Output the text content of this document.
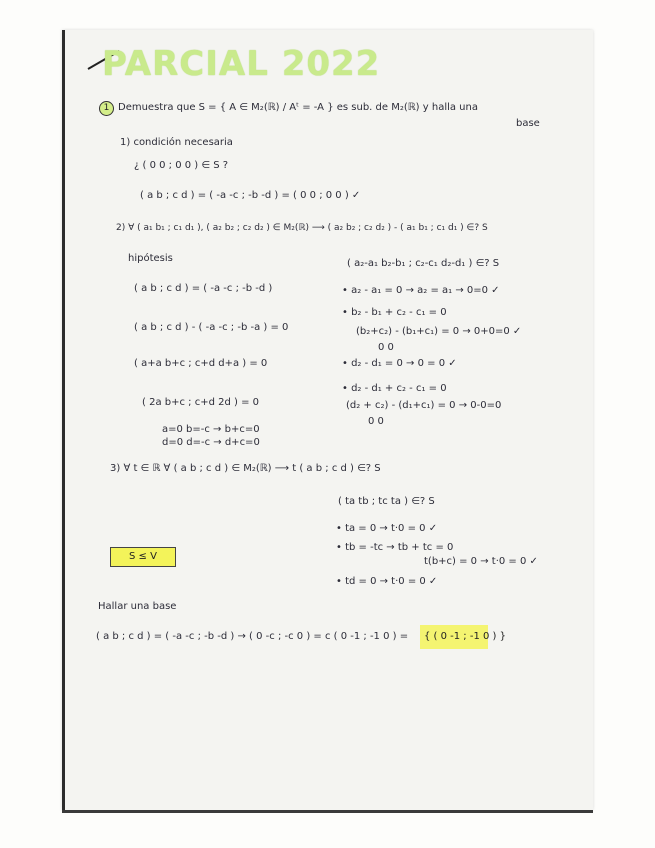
PARCIAL 2022
1 Demuestra que S = { A ∈ M₂(ℝ) / Aᵗ = -A } es sub. de M₂(ℝ) y halla una
base
1) condición necesaria
¿ ( 0 0 ; 0 0 ) ∈ S ?
( a b ; c d ) = ( -a -c ; -b -d ) = ( 0 0 ; 0 0 ) ✓
2) ∀ ( a₁ b₁ ; c₁ d₁ ), ( a₂ b₂ ; c₂ d₂ ) ∈ M₂(ℝ) ⟶ ( a₂ b₂ ; c₂ d₂ ) - ( a₁ b₁ ; c₁ d₁ ) ∈? S
hipótesis
( a b ; c d ) = ( -a -c ; -b -d )
( a b ; c d ) - ( -a -c ; -b -a ) = 0
( a+a b+c ; c+d d+a ) = 0
( 2a b+c ; c+d 2d ) = 0
a=0 b=-c → b+c=0
d=0 d=-c → d+c=0
( a₂-a₁ b₂-b₁ ; c₂-c₁ d₂-d₁ ) ∈? S
• a₂ - a₁ = 0 → a₂ = a₁ → 0=0 ✓
• b₂ - b₁ + c₂ - c₁ = 0
(b₂+c₂) - (b₁+c₁) = 0 → 0+0=0 ✓
0 0
• d₂ - d₁ = 0 → 0 = 0 ✓
• d₂ - d₁ + c₂ - c₁ = 0
(d₂ + c₂) - (d₁+c₁) = 0 → 0-0=0
0 0
3) ∀ t ∈ ℝ ∀ ( a b ; c d ) ∈ M₂(ℝ) ⟶ t ( a b ; c d ) ∈? S
( ta tb ; tc ta ) ∈? S
• ta = 0 → t·0 = 0 ✓
• tb = -tc → tb + tc = 0
t(b+c) = 0 → t·0 = 0 ✓
• td = 0 → t·0 = 0 ✓
S ≤ V
Hallar una base
( a b ; c d ) = ( -a -c ; -b -d ) → ( 0 -c ; -c 0 ) = c ( 0 -1 ; -1 0 ) = { ( 0 -1 ; -1 0 ) }
